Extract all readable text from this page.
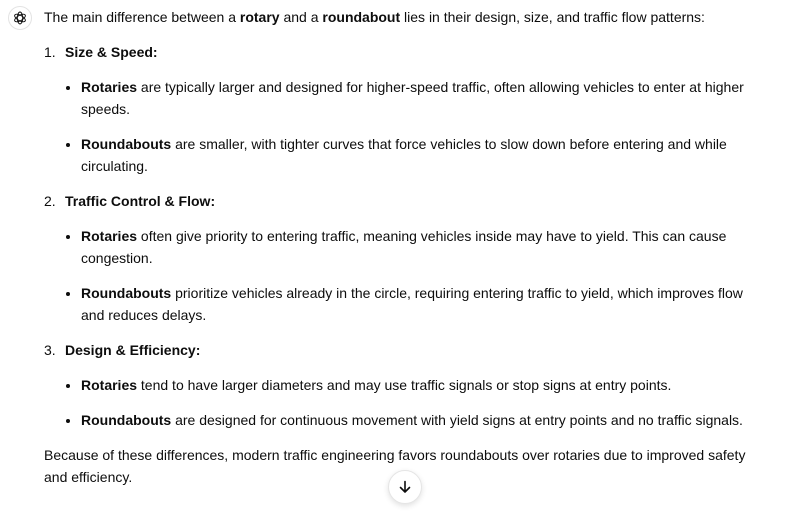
The main difference between a rotary and a roundabout lies in their design, size, and traffic flow patterns:

1. Size & Speed:
Rotaries are typically larger and designed for higher-speed traffic, often allowing vehicles to enter at higher speeds.
Roundabouts are smaller, with tighter curves that force vehicles to slow down before entering and while circulating.
2. Traffic Control & Flow:
Rotaries often give priority to entering traffic, meaning vehicles inside may have to yield. This can cause congestion.
Roundabouts prioritize vehicles already in the circle, requiring entering traffic to yield, which improves flow and reduces delays.
3. Design & Efficiency:
Rotaries tend to have larger diameters and may use traffic signals or stop signs at entry points.
Roundabouts are designed for continuous movement with yield signs at entry points and no traffic signals.

Because of these differences, modern traffic engineering favors roundabouts over rotaries due to improved safety and efficiency.
